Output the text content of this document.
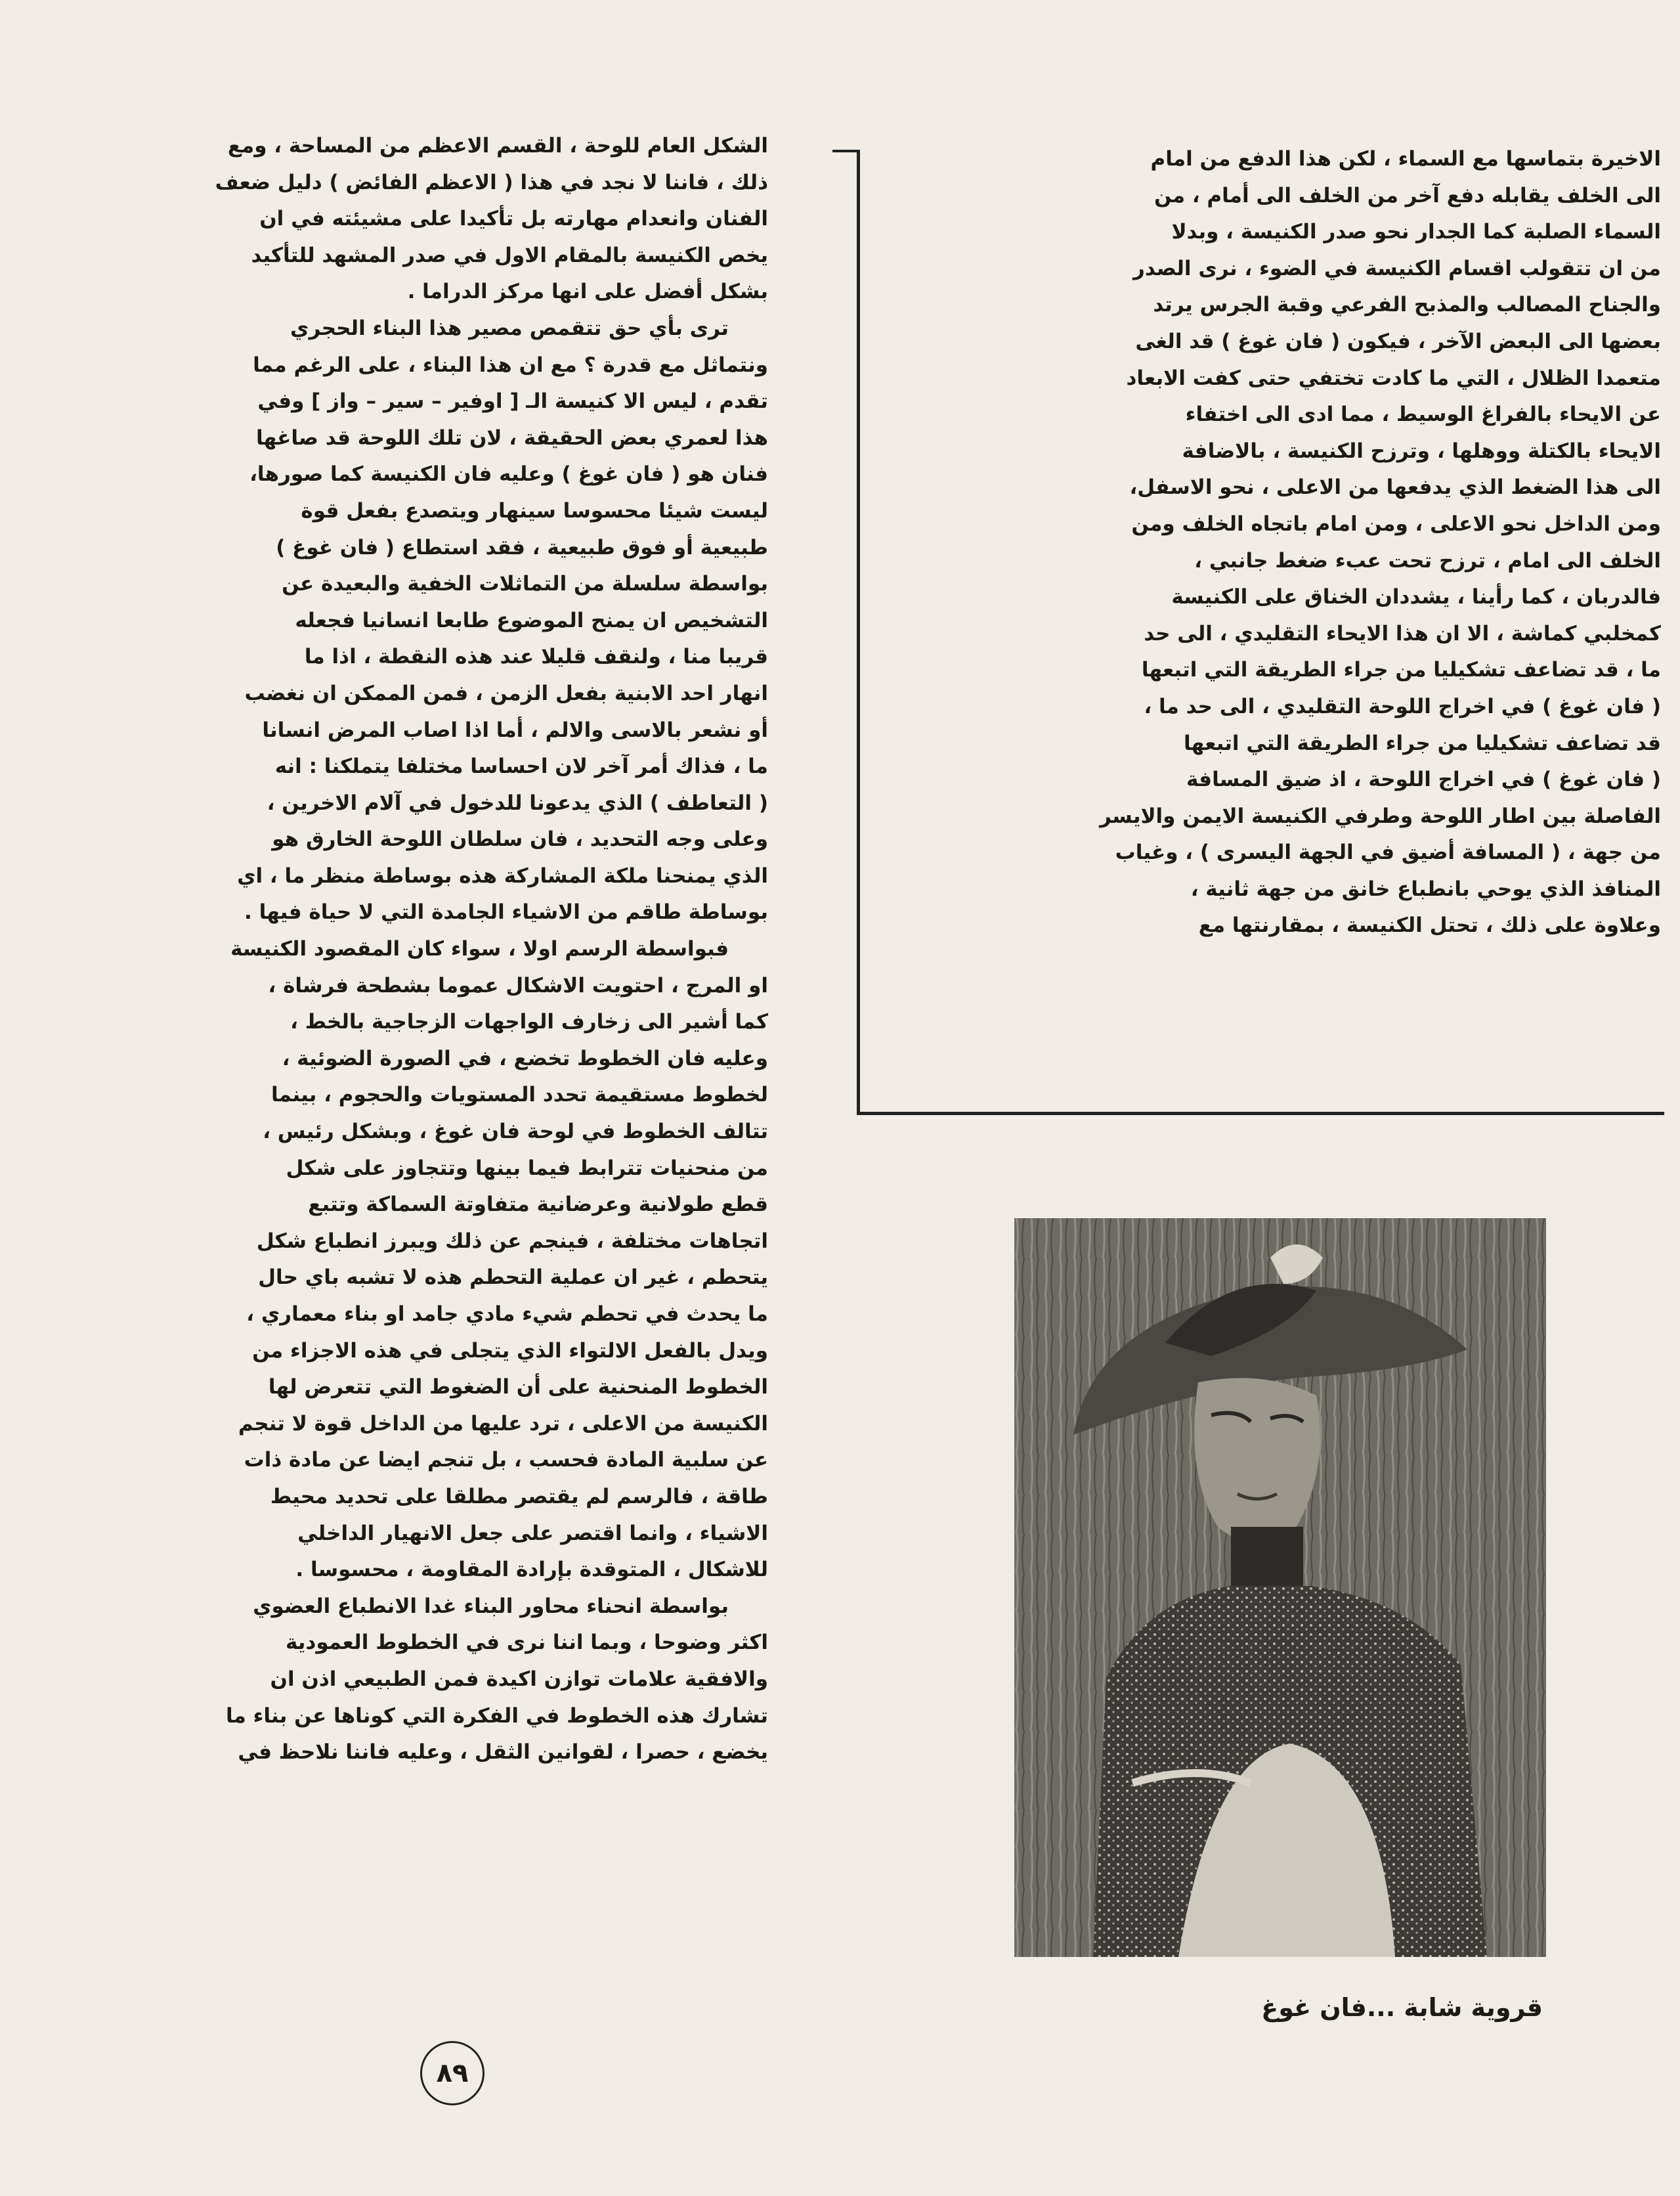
الاخيرة بتماسها مع السماء ، لكن هذا الدفع من امام
الى الخلف يقابله دفع آخر من الخلف الى أمام ، من
السماء الصلبة كما الجدار نحو صدر الكنيسة ، وبدلا
من ان تتقولب اقسام الكنيسة في الضوء ، نرى الصدر
والجناح المصالب والمذبح الفرعي وقبة الجرس يرتد
بعضها الى البعض الآخر ، فيكون ( فان غوغ ) قد الغى
متعمدا الظلال ، التي ما كادت تختفي حتى كفت الابعاد
عن الايحاء بالفراغ الوسيط ، مما ادى الى اختفاء
الايحاء بالكتلة ووهلها ، وترزح الكنيسة ، بالاضافة
الى هذا الضغط الذي يدفعها من الاعلى ، نحو الاسفل،
ومن الداخل نحو الاعلى ، ومن امام باتجاه الخلف ومن
الخلف الى امام ، ترزح تحت عبء ضغط جانبي ،
فالدربان ، كما رأينا ، يشددان الخناق على الكنيسة
كمخلبي كماشة ، الا ان هذا الايحاء التقليدي ، الى حد
ما ، قد تضاعف تشكيليا من جراء الطريقة التي اتبعها
( فان غوغ ) في اخراج اللوحة التقليدي ، الى حد ما ،
قد تضاعف تشكيليا من جراء الطريقة التي اتبعها
( فان غوغ ) في اخراج اللوحة ، اذ ضيق المسافة
الفاصلة بين اطار اللوحة وطرفي الكنيسة الايمن والايسر
من جهة ، ( المسافة أضيق في الجهة اليسرى ) ، وغياب
المنافذ الذي يوحي بانطباع خانق من جهة ثانية ،
وعلاوة على ذلك ، تحتل الكنيسة ، بمقارنتها مع

الشكل العام للوحة ، القسم الاعظم من المساحة ، ومع
ذلك ، فاننا لا نجد في هذا ( الاعظم الفائض ) دليل ضعف
الفنان وانعدام مهارته بل تأكيدا على مشيئته في ان
يخص الكنيسة بالمقام الاول في صدر المشهد للتأكيد
بشكل أفضل على انها مركز الدراما .

ترى بأي حق تتقمص مصير هذا البناء الحجري
ونتماثل مع قدرة ؟ مع ان هذا البناء ، على الرغم مما
تقدم ، ليس الا كنيسة الـ [ اوفير – سير – واز ] وفي
هذا لعمري بعض الحقيقة ، لان تلك اللوحة قد صاغها
فنان هو ( فان غوغ ) وعليه فان الكنيسة كما صورها،
ليست شيئا محسوسا سينهار ويتصدع بفعل قوة
طبيعية أو فوق طبيعية ، فقد استطاع ( فان غوغ )
بواسطة سلسلة من التماثلات الخفية والبعيدة عن
التشخيص ان يمنح الموضوع طابعا انسانيا فجعله
قريبا منا ، ولنقف قليلا عند هذه النقطة ، اذا ما
انهار احد الابنية بفعل الزمن ، فمن الممكن ان نغضب
أو نشعر بالاسى والالم ، أما اذا اصاب المرض انسانا
ما ، فذاك أمر آخر لان احساسا مختلفا يتملكنا : انه
( التعاطف ) الذي يدعونا للدخول في آلام الاخرين ،
وعلى وجه التحديد ، فان سلطان اللوحة الخارق هو
الذي يمنحنا ملكة المشاركة هذه بوساطة منظر ما ، اي
بوساطة طاقم من الاشياء الجامدة التي لا حياة فيها .

فبواسطة الرسم اولا ، سواء كان المقصود الكنيسة
او المرج ، احتويت الاشكال عموما بشطحة فرشاة ،
كما أشير الى زخارف الواجهات الزجاجية بالخط ،
وعليه فان الخطوط تخضع ، في الصورة الضوئية ،
لخطوط مستقيمة تحدد المستويات والحجوم ، بينما
تتالف الخطوط في لوحة فان غوغ ، وبشكل رئيس ،
من منحنيات تترابط فيما بينها وتتجاوز على شكل
قطع طولانية وعرضانية متفاوتة السماكة وتتبع
اتجاهات مختلفة ، فينجم عن ذلك ويبرز انطباع شكل
يتحطم ، غير ان عملية التحطم هذه لا تشبه باي حال
ما يحدث في تحطم شيء مادي جامد او بناء معماري ،
ويدل بالفعل الالتواء الذي يتجلى في هذه الاجزاء من
الخطوط المنحنية على أن الضغوط التي تتعرض لها
الكنيسة من الاعلى ، ترد عليها من الداخل قوة لا تنجم
عن سلبية المادة فحسب ، بل تنجم ايضا عن مادة ذات
طاقة ، فالرسم لم يقتصر مطلقا على تحديد محيط
الاشياء ، وانما اقتصر على جعل الانهيار الداخلي
للاشكال ، المتوقدة بإرادة المقاومة ، محسوسا .

بواسطة انحناء محاور البناء غدا الانطباع العضوي
اكثر وضوحا ، وبما اننا نرى في الخطوط العمودية
والافقية علامات توازن اكيدة فمن الطبيعي اذن ان
تشارك هذه الخطوط في الفكرة التي كوناها عن بناء ما
يخضع ، حصرا ، لقوانين الثقل ، وعليه فاننا نلاحظ في

قروية شابة ...فان غوغ
٨٩
